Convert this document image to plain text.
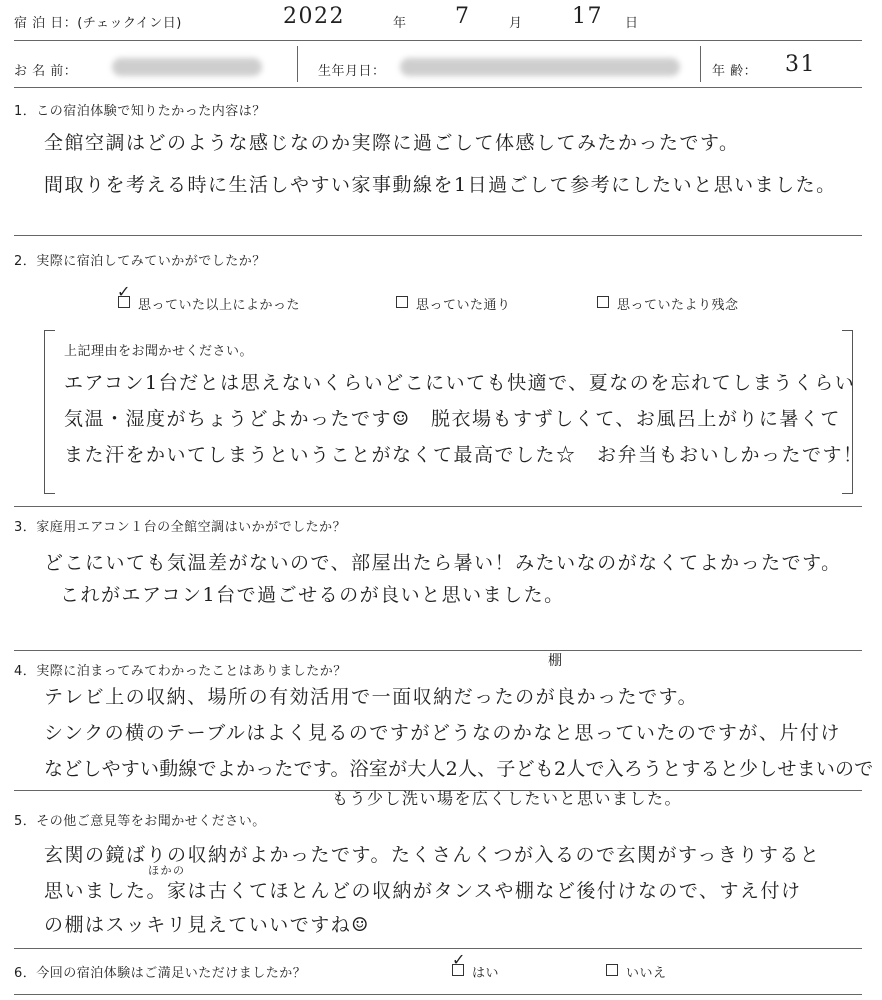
宿 泊 日：(チェックイン日)	2022	年 7	月 17 日
お 名 前：	生年月日：	年 齢： 31
1．この宿泊体験で知りたかった内容は？
全館空調はどのような感じなのか実際に過ごして体感してみたかったです。
間取りを考える時に生活しやすい家事動線を1日過ごして参考にしたいと思いました。
2．実際に宿泊してみていかがでしたか？
✓
思っていた以上によかった	思っていた通り	思っていたより残念
上記理由をお聞かせください。
エアコン1台だとは思えないくらいどこにいても快適で、夏なのを忘れてしまうくらい
気温・湿度がちょうどよかったです☺　脱衣場もすずしくて、お風呂上がりに暑くて
また汗をかいてしまうということがなくて最高でした☆　お弁当もおいしかったです！
3．家庭用エアコン１台の全館空調はいかがでしたか？
どこにいても気温差がないので、部屋出たら暑い！みたいなのがなくてよかったです。
これがエアコン1台で過ごせるのが良いと思いました。
4．実際に泊まってみてわかったことはありましたか？
棚
テレビ上の収納、場所の有効活用で一面収納だったのが良かったです。
シンクの横のテーブルはよく見るのですがどうなのかなと思っていたのですが、片付け
などしやすい動線でよかったです。浴室が大人2人、子ども2人で入ろうとすると少しせまいので
もう少し洗い場を広くしたいと思いました。
5．その他ご意見等をお聞かせください。
玄関の鏡ばりの収納がよかったです。たくさんくつが入るので玄関がすっきりすると
ほかの
思いました。家は古くてほとんどの収納がタンスや棚など後付けなので、すえ付け
の棚はスッキリ見えていいですね☺
6．今回の宿泊体験はご満足いただけましたか？
✓
はい	いいえ
